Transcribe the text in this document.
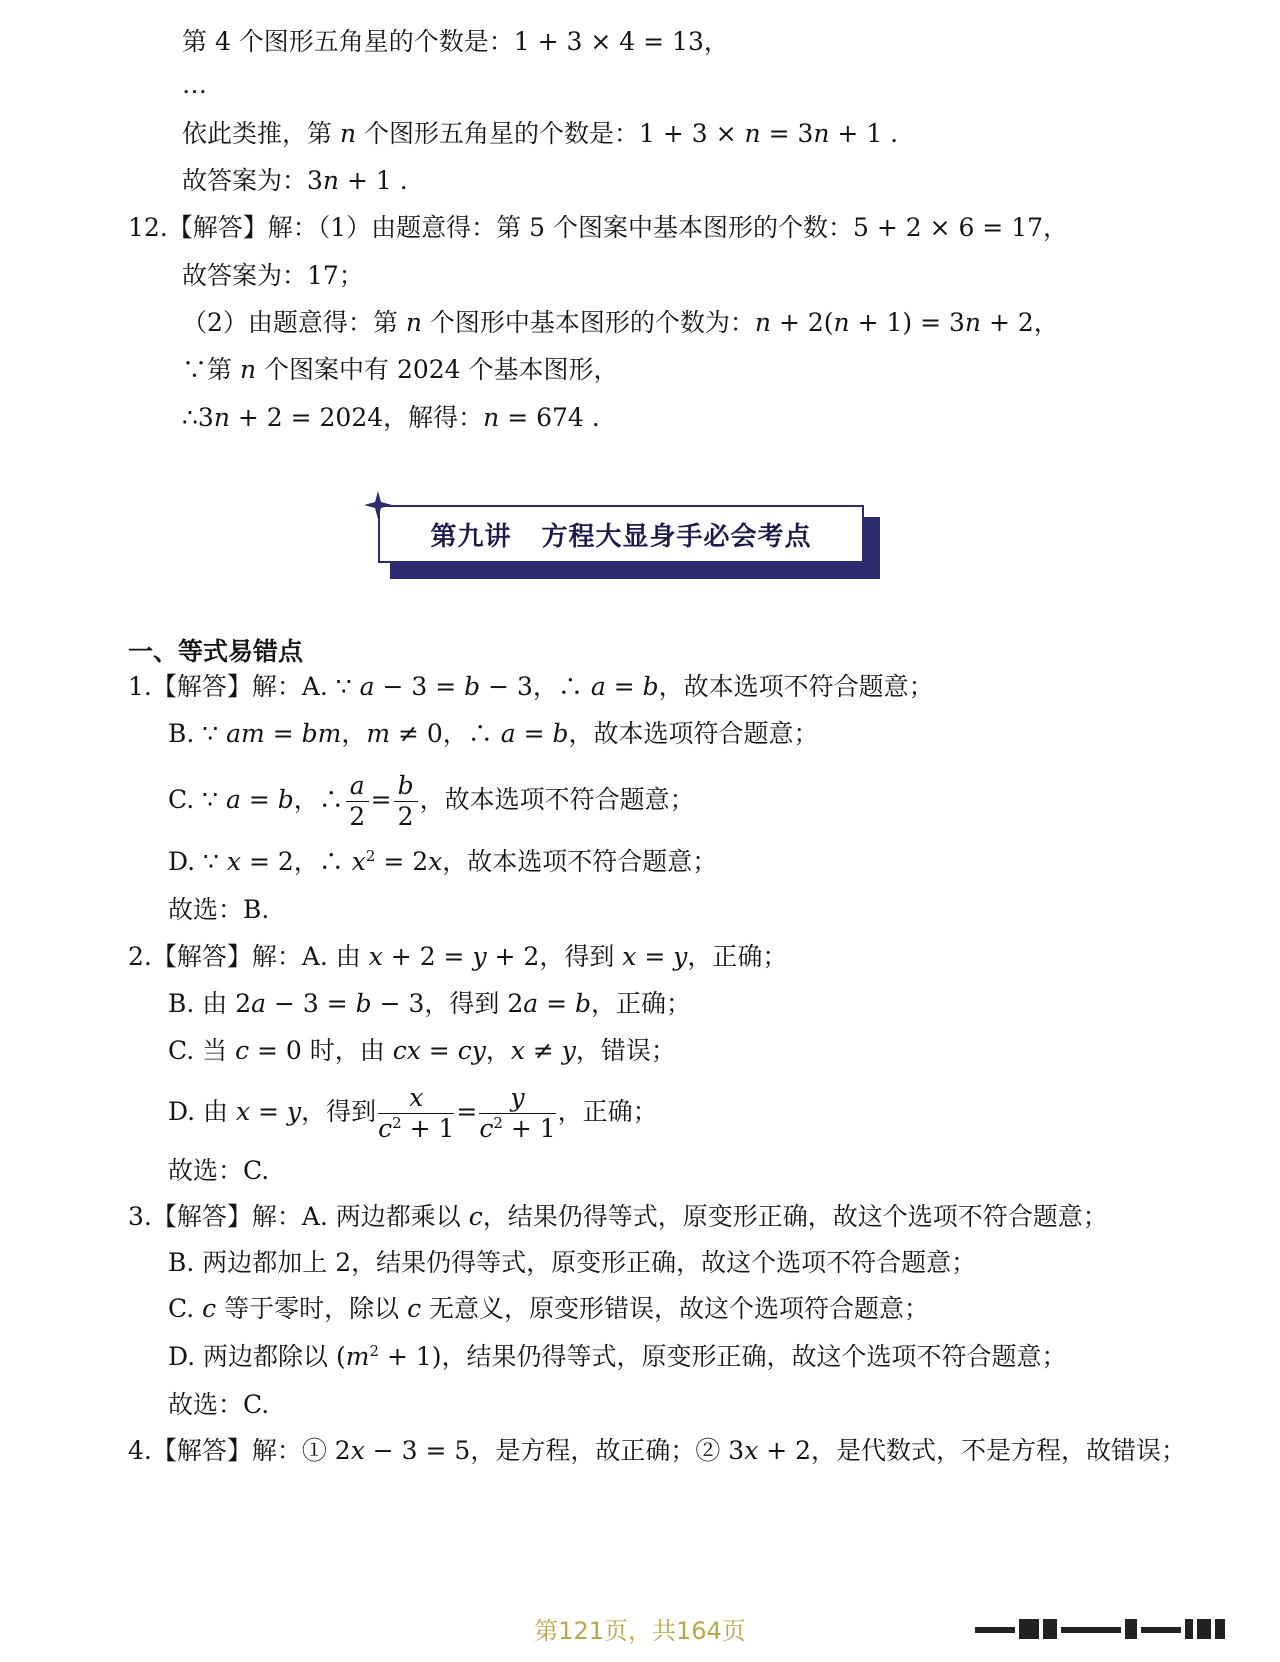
第 4 个图形五角星的个数是：1 + 3 × 4 = 13，
…
依此类推，第 n 个图形五角星的个数是：1 + 3 × n = 3n + 1 .
故答案为：3n + 1 .
12.【解答】解：（1）由题意得：第 5 个图案中基本图形的个数：5 + 2 × 6 = 17，
故答案为：17；
（2）由题意得：第 n 个图形中基本图形的个数为：n + 2(n + 1) = 3n + 2，
∵第 n 个图案中有 2024 个基本图形，
∴3n + 2 = 2024，解得：n = 674 .
第九讲 方程大显身手必会考点
一、等式易错点
1.【解答】解：A. ∵ a − 3 = b − 3，∴ a = b，故本选项不符合题意；
B. ∵ am = bm，m ≠ 0，∴ a = b，故本选项符合题意；
C. ∵ a = b，∴ $\frac{a}{2} = \frac{b}{2}$ ，故本选项不符合题意；
D. ∵ x = 2，∴ $x^2 = 2x$，故本选项不符合题意；
故选：B.
2.【解答】解：A. 由 x + 2 = y + 2，得到 x = y，正确；
B. 由 2a − 3 = b − 3，得到 2a = b，正确；
C. 当 c = 0 时，由 cx = cy，x ≠ y，错误；
D. 由 x = y，得到 $\frac{x}{c^2 + 1} = \frac{y}{c^2 + 1}$ ，正确；
故选：C.
3.【解答】解：A. 两边都乘以 c，结果仍得等式，原变形正确，故这个选项不符合题意；
B. 两边都加上 2，结果仍得等式，原变形正确，故这个选项不符合题意；
C. c 等于零时，除以 c 无意义，原变形错误，故这个选项符合题意；
D. 两边都除以 $(m^2 + 1)$，结果仍得等式，原变形正确，故这个选项不符合题意；
故选：C.
4.【解答】解：① 2x − 3 = 5，是方程，故正确；② 3x + 2，是代数式，不是方程，故错误；
第121页，共164页
